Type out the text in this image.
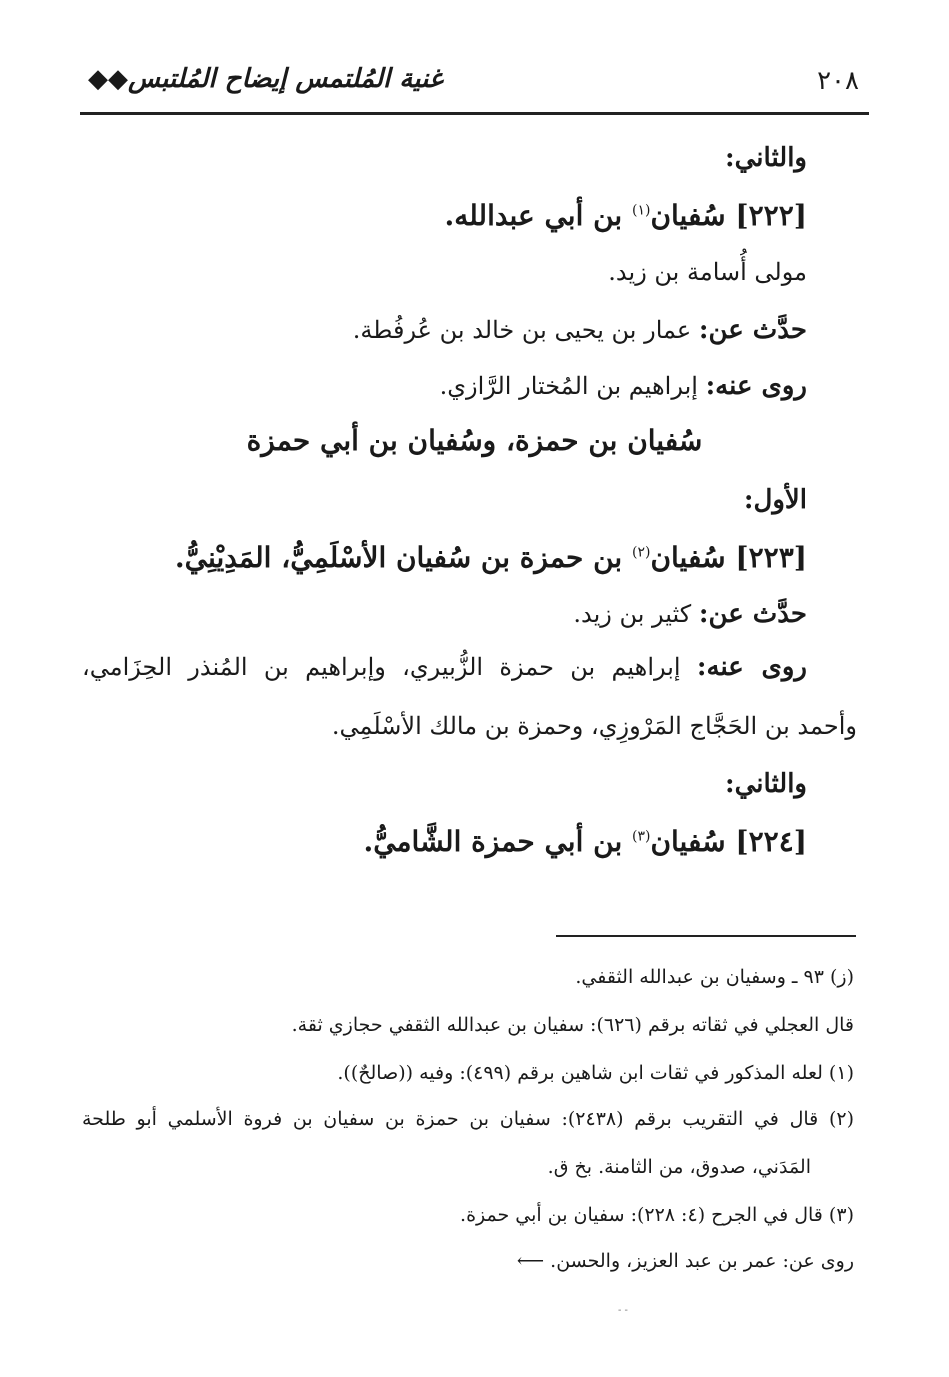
٢٠٨
غنية المُلتمس إيضاح المُلتبس◆◆
والثاني:
[٢٢٢] سُفيان$^{(١)}$ بن أبي عبدالله.
مولى أُسامة بن زيد.
حدَّث عن: عمار بن يحيى بن خالد بن عُرفُطة.
روى عنه: إبراهيم بن المُختار الرَّازي.
سُفيان بن حمزة، وسُفيان بن أبي حمزة
الأول:
[٢٢٣] سُفيان$^{(٢)}$ بن حمزة بن سُفيان الأسْلَمِيُّ، المَدِيْنِيُّ.
حدَّث عن: كثير بن زيد.
روى عنه: إبراهيم بن حمزة الزُّبيري، وإبراهيم بن المُنذر الحِزَامي،
وأحمد بن الحَجَّاج المَرْوزِي، وحمزة بن مالك الأسْلَمِي.
والثاني:
[٢٢٤] سُفيان$^{(٣)}$ بن أبي حمزة الشَّاميُّ.
(ز) ٩٣ ـ وسفيان بن عبدالله الثقفي.
قال العجلي في ثقاته برقم (٦٢٦): سفيان بن عبدالله الثقفي حجازي ثقة.
(١) لعله المذكور في ثقات ابن شاهين برقم (٤٩٩): وفيه ((صالحٌ)).
(٢) قال في التقريب برقم (٢٤٣٨): سفيان بن حمزة بن سفيان بن فروة الأسلمي أبو طلحة
المَدَني، صدوق، من الثامنة. بخ ق.
(٣) قال في الجرح (٤: ٢٢٨): سفيان بن أبي حمزة.
روى عن: عمر بن عبد العزيز، والحسن. ⟵
- -
